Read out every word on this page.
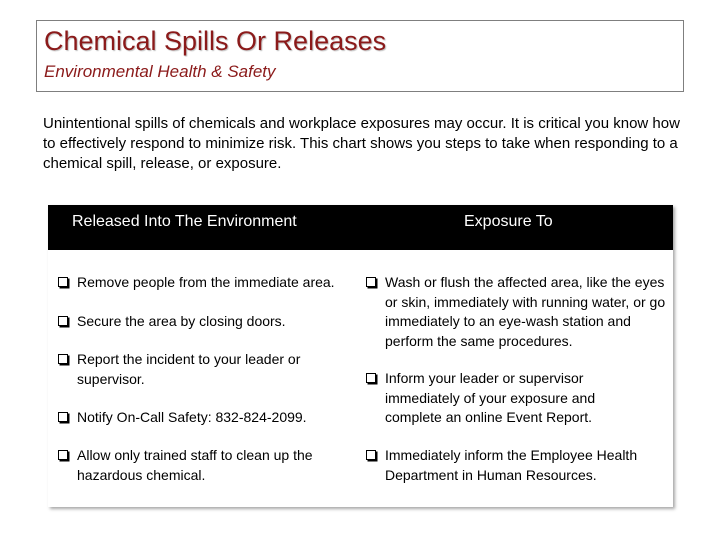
Chemical Spills Or Releases
Environmental Health & Safety
Unintentional spills of chemicals and workplace exposures may occur. It is critical you know how to effectively respond to minimize risk. This chart shows you steps to take when responding to a chemical spill, release, or exposure.
Released Into The Environment	Exposure To
Remove people from the immediate area.
Secure the area by closing doors.
Report the incident to your leader or supervisor.
Notify On-Call Safety: 832-824-2099.
Allow only trained staff to clean up the hazardous chemical.
Wash or flush the affected area, like the eyes or skin, immediately with running water, or go immediately to an eye-wash station and perform the same procedures.
Inform your leader or supervisor immediately of your exposure and complete an online Event Report.
Immediately inform the Employee Health Department in Human Resources.
